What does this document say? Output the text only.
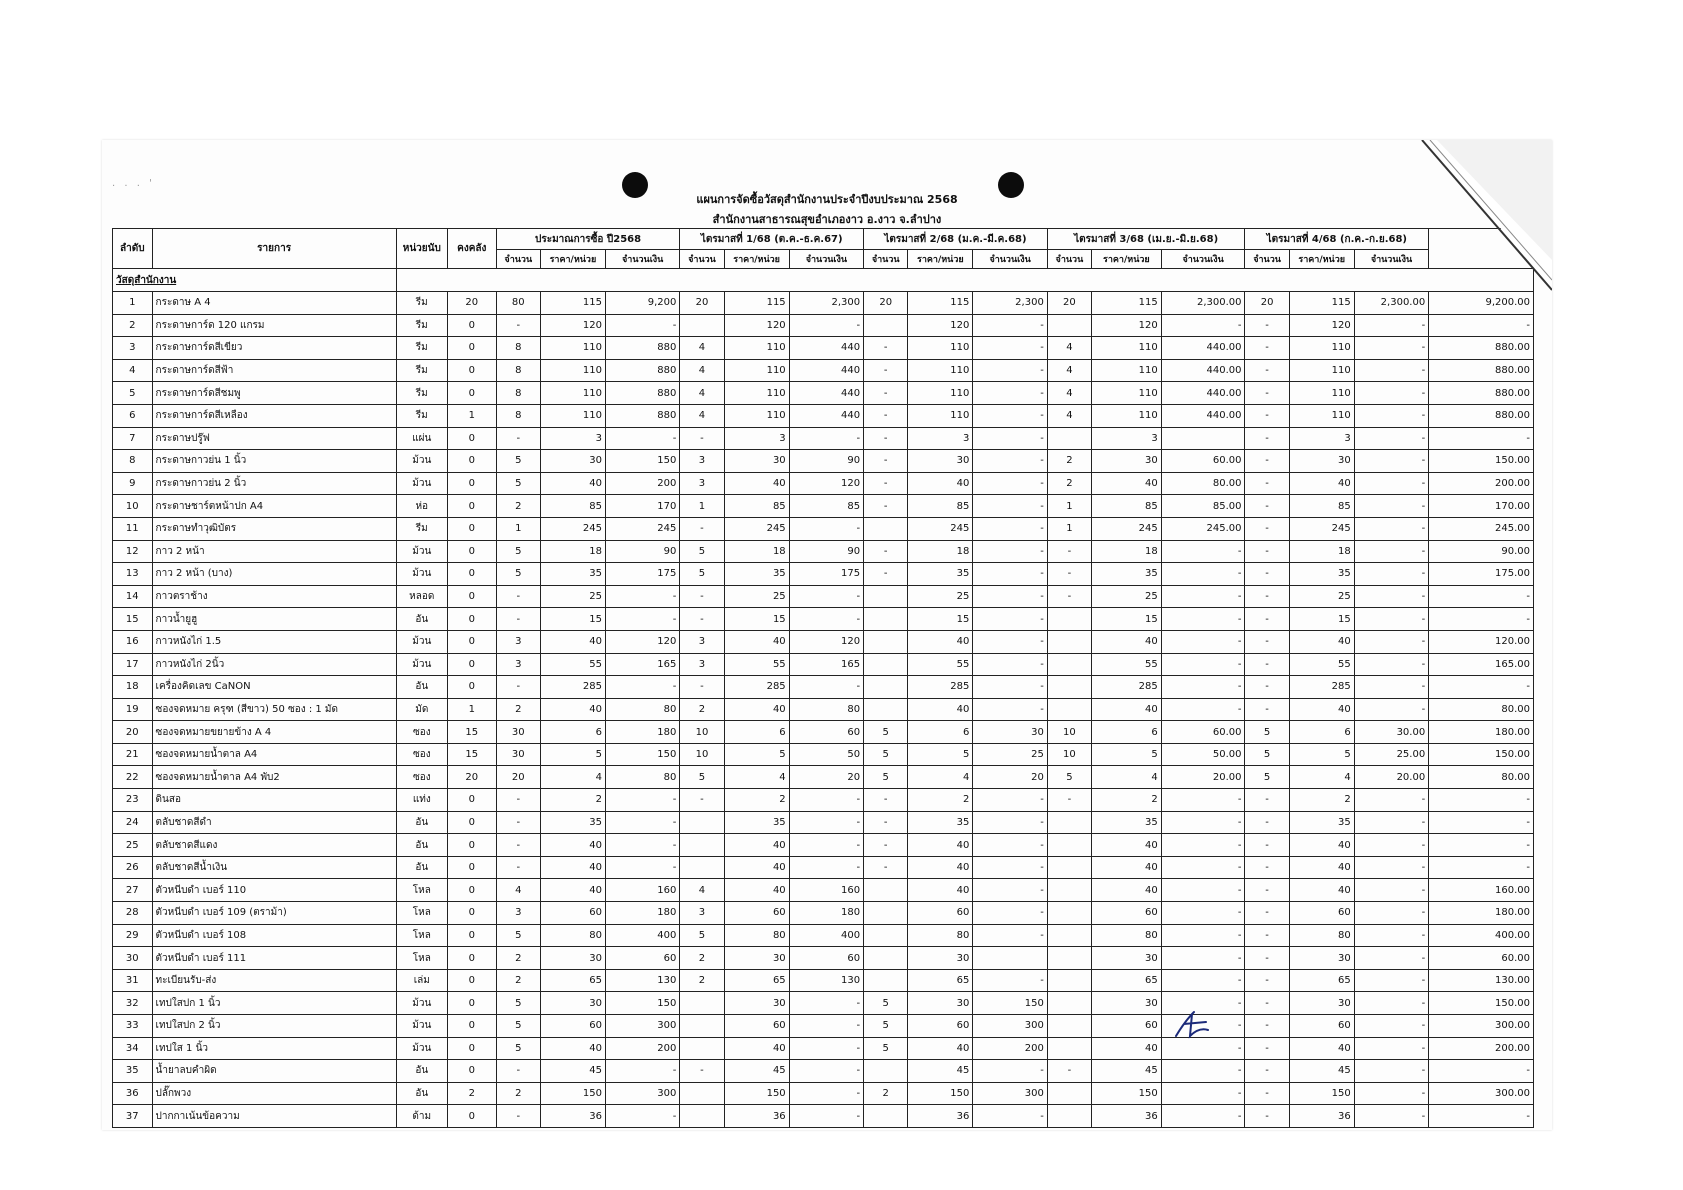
. . . '
แผนการจัดซื้อวัสดุสำนักงานประจำปีงบประมาณ 2568
สำนักงานสาธารณสุขอำเภองาว อ.งาว จ.ลำปาง
ลำดับ	รายการ	หน่วยนับ	คงคลัง	ประมาณการซื้อ ปี2568			ไตรมาสที่ 1/68 (ต.ค.-ธ.ค.67)			ไตรมาสที่ 2/68 (ม.ค.-มี.ค.68)			ไตรมาสที่ 3/68 (เม.ย.-มิ.ย.68)			ไตรมาสที่ 4/68 (ก.ค.-ก.ย.68)			
				จำนวน	ราคา/หน่วย	จำนวนเงิน	จำนวน	ราคา/หน่วย	จำนวนเงิน	จำนวน	ราคา/หน่วย	จำนวนเงิน	จำนวน	ราคา/หน่วย	จำนวนเงิน	จำนวน	ราคา/หน่วย	จำนวนเงิน	
วัสดุสำนักงาน																			
1	กระดาษ A 4	รีม	20	80	115	9,200	20	115	2,300	20	115	2,300	20	115	2,300.00	20	115	2,300.00	9,200.00
2	กระดาษการ์ด 120 แกรม	รีม	0	-	120	-		120	-		120	-		120	-	-	120	-	-
3	กระดาษการ์ดสีเขียว	รีม	0	8	110	880	4	110	440	-	110	-	4	110	440.00	-	110	-	880.00
4	กระดาษการ์ดสีฟ้า	รีม	0	8	110	880	4	110	440	-	110	-	4	110	440.00	-	110	-	880.00
5	กระดาษการ์ดสีชมพู	รีม	0	8	110	880	4	110	440	-	110	-	4	110	440.00	-	110	-	880.00
6	กระดาษการ์ดสีเหลือง	รีม	1	8	110	880	4	110	440	-	110	-	4	110	440.00	-	110	-	880.00
7	กระดาษปรู๊ฟ	แผ่น	0	-	3	-	-	3	-	-	3	-		3		-	3	-	-
8	กระดาษกาวย่น 1 นิ้ว	ม้วน	0	5	30	150	3	30	90	-	30	-	2	30	60.00	-	30	-	150.00
9	กระดาษกาวย่น 2 นิ้ว	ม้วน	0	5	40	200	3	40	120	-	40	-	2	40	80.00	-	40	-	200.00
10	กระดาษชาร์ตหน้าปก A4	ห่อ	0	2	85	170	1	85	85	-	85	-	1	85	85.00	-	85	-	170.00
11	กระดาษทำวุฒิบัตร	รีม	0	1	245	245	-	245	-		245	-	1	245	245.00	-	245	-	245.00
12	กาว 2 หน้า	ม้วน	0	5	18	90	5	18	90	-	18	-	-	18	-	-	18	-	90.00
13	กาว 2 หน้า (บาง)	ม้วน	0	5	35	175	5	35	175	-	35	-	-	35	-	-	35	-	175.00
14	กาวตราช้าง	หลอด	0	-	25	-	-	25	-		25	-	-	25	-	-	25	-	-
15	กาวน้ำยูฮู	อัน	0	-	15	-	-	15	-		15	-		15	-	-	15	-	-
16	กาวหนังไก่ 1.5	ม้วน	0	3	40	120	3	40	120		40	-		40	-	-	40	-	120.00
17	กาวหนังไก่ 2นิ้ว	ม้วน	0	3	55	165	3	55	165		55	-		55	-	-	55	-	165.00
18	เครื่องคิดเลข CaNON	อัน	0	-	285	-	-	285	-		285	-		285	-	-	285	-	-
19	ซองจดหมาย ครุฑ (สีขาว) 50 ซอง : 1 มัด	มัด	1	2	40	80	2	40	80		40	-		40	-	-	40	-	80.00
20	ซองจดหมายขยายข้าง A 4	ซอง	15	30	6	180	10	6	60	5	6	30	10	6	60.00	5	6	30.00	180.00
21	ซองจดหมายน้ำตาล A4	ซอง	15	30	5	150	10	5	50	5	5	25	10	5	50.00	5	5	25.00	150.00
22	ซองจดหมายน้ำตาล A4 พับ2	ซอง	20	20	4	80	5	4	20	5	4	20	5	4	20.00	5	4	20.00	80.00
23	ดินสอ	แท่ง	0	-	2	-	-	2	-	-	2	-	-	2	-	-	2	-	-
24	ตลับชาดสีดำ	อัน	0	-	35	-		35	-	-	35	-		35	-	-	35	-	-
25	ตลับชาดสีแดง	อัน	0	-	40	-		40	-	-	40	-		40	-	-	40	-	-
26	ตลับชาดสีน้ำเงิน	อัน	0	-	40	-		40	-	-	40	-		40	-	-	40	-	-
27	ตัวหนีบดำ เบอร์ 110	โหล	0	4	40	160	4	40	160		40	-		40	-	-	40	-	160.00
28	ตัวหนีบดำ เบอร์ 109 (ตราม้า)	โหล	0	3	60	180	3	60	180		60	-		60	-	-	60	-	180.00
29	ตัวหนีบดำ เบอร์ 108	โหล	0	5	80	400	5	80	400		80	-		80	-	-	80	-	400.00
30	ตัวหนีบดำ เบอร์ 111	โหล	0	2	30	60	2	30	60		30			30	-	-	30	-	60.00
31	ทะเบียนรับ-ส่ง	เล่ม	0	2	65	130	2	65	130		65	-		65	-	-	65	-	130.00
32	เทปใสปก 1 นิ้ว	ม้วน	0	5	30	150		30	-	5	30	150		30	-	-	30	-	150.00
33	เทปใสปก 2 นิ้ว	ม้วน	0	5	60	300		60	-	5	60	300		60	-	-	60	-	300.00
34	เทปใส 1 นิ้ว	ม้วน	0	5	40	200		40	-	5	40	200		40	-	-	40	-	200.00
35	น้ำยาลบคำผิด	อัน	0	-	45	-	-	45	-		45	-	-	45	-	-	45	-	-
36	ปลั๊กพวง	อัน	2	2	150	300		150	-	2	150	300		150	-	-	150	-	300.00
37	ปากกาเน้นข้อความ	ด้าม	0	-	36	-		36	-		36	-		36	-	-	36	-	-
